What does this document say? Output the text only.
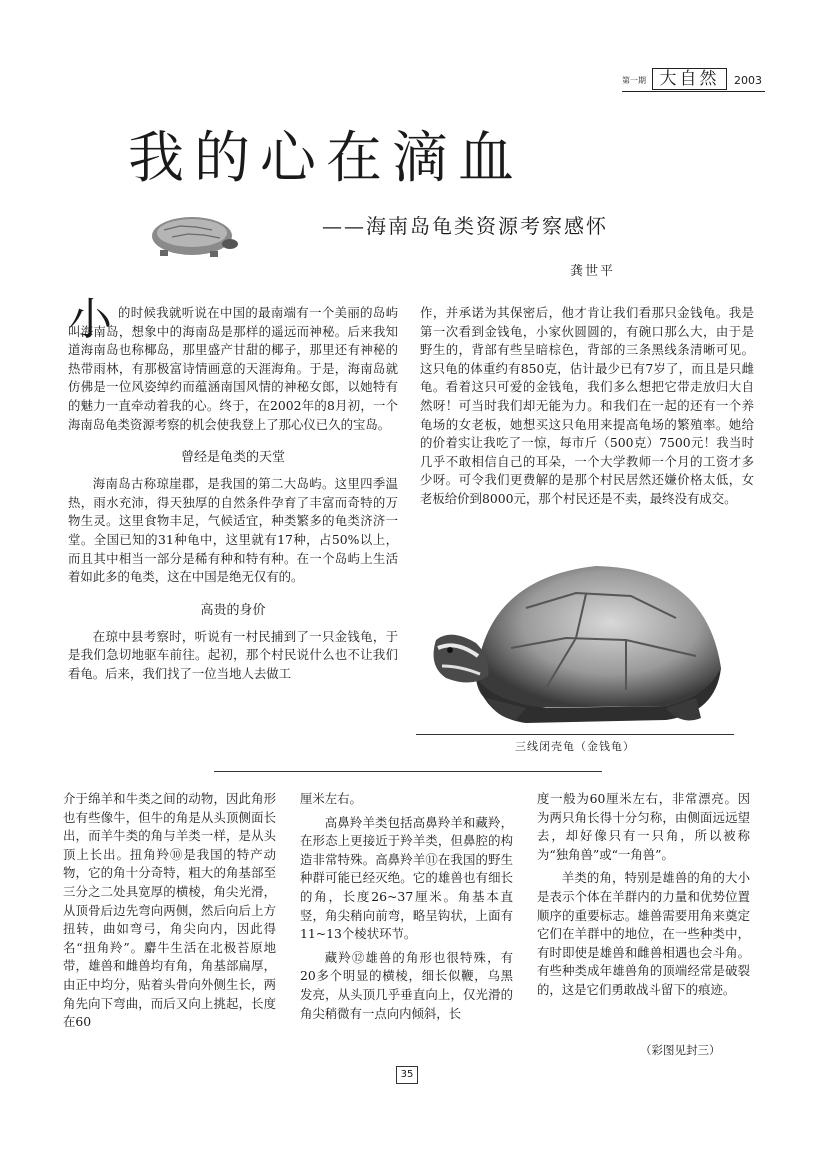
第一期 大自然	2003
我的心在滴血
——海南岛龟类资源考察感怀
龚世平
小 的时候我就听说在中国的最南端有一个美丽的岛屿叫海南岛，想象中的海南岛是那样的遥远而神秘。后来我知道海南岛也称椰岛，那里盛产甘甜的椰子，那里还有神秘的热带雨林，有那极富诗情画意的天涯海角。于是，海南岛就仿佛是一位风姿绰约而蕴涵南国风情的神秘女郎，以她特有的魅力一直牵动着我的心。终于，在2002年的8月初，一个海南岛龟类资源考察的机会使我登上了那心仪已久的宝岛。

曾经是龟类的天堂

海南岛古称琼崖郡，是我国的第二大岛屿。这里四季温热，雨水充沛，得天独厚的自然条件孕育了丰富而奇特的万物生灵。这里食物丰足，气候适宜，种类繁多的龟类济济一堂。全国已知的31种龟中，这里就有17种，占50%以上，而且其中相当一部分是稀有种和特有种。在一个岛屿上生活着如此多的龟类，这在中国是绝无仅有的。

高贵的身价

在琼中县考察时，听说有一村民捕到了一只金钱龟，于是我们急切地驱车前往。起初，那个村民说什么也不让我们看龟。后来，我们找了一位当地人去做工

作，并承诺为其保密后，他才肯让我们看那只金钱龟。我是第一次看到金钱龟，小家伙圆圆的，有碗口那么大，由于是野生的，背部有些呈暗棕色，背部的三条黑线条清晰可见。这只龟的体重约有850克，估计最少已有7岁了，而且是只雌龟。看着这只可爱的金钱龟，我们多么想把它带走放归大自然呀！可当时我们却无能为力。和我们在一起的还有一个养龟场的女老板，她想买这只龟用来提高龟场的繁殖率。她给的价着实让我吃了一惊，每市斤（500克）7500元！我当时几乎不敢相信自己的耳朵，一个大学教师一个月的工资才多少呀。可令我们更费解的是那个村民居然还嫌价格太低，女老板给价到8000元，那个村民还是不卖，最终没有成交。

三线闭壳龟（金钱龟）

介于绵羊和牛类之间的动物，因此角形也有些像牛，但牛的角是从头顶侧面长出，而羊牛类的角与羊类一样，是从头顶上长出。扭角羚⑩是我国的特产动物，它的角十分奇特，粗大的角基部至三分之二处具宽厚的横棱，角尖光滑，从顶骨后边先弯向两侧，然后向后上方扭转，曲如弯弓，角尖向内，因此得名“扭角羚”。麝牛生活在北极苔原地带，雄兽和雌兽均有角，角基部扁厚，由正中均分，贴着头骨向外侧生长，两角先向下弯曲，而后又向上挑起，长度在60

厘米左右。

高鼻羚羊类包括高鼻羚羊和藏羚，在形态上更接近于羚羊类，但鼻腔的构造非常特殊。高鼻羚羊⑪在我国的野生种群可能已经灭绝。它的雄兽也有细长的角，长度26~37厘米。角基本直竖，角尖稍向前弯，略呈钩状，上面有11~13个棱状环节。

藏羚⑫雄兽的角形也很特殊，有20多个明显的横棱，细长似鞭，乌黑发亮，从头顶几乎垂直向上，仅光滑的角尖稍微有一点向内倾斜，长

度一般为60厘米左右，非常漂亮。因为两只角长得十分匀称，由侧面远远望去，却好像只有一只角，所以被称为“独角兽”或“一角兽”。

羊类的角，特别是雄兽的角的大小是表示个体在羊群内的力量和优势位置顺序的重要标志。雄兽需要用角来奠定它们在羊群中的地位，在一些种类中，有时即使是雄兽和雌兽相遇也会斗角。有些种类成年雄兽角的顶端经常是破裂的，这是它们勇敢战斗留下的痕迹。

（彩图见封三）
35
